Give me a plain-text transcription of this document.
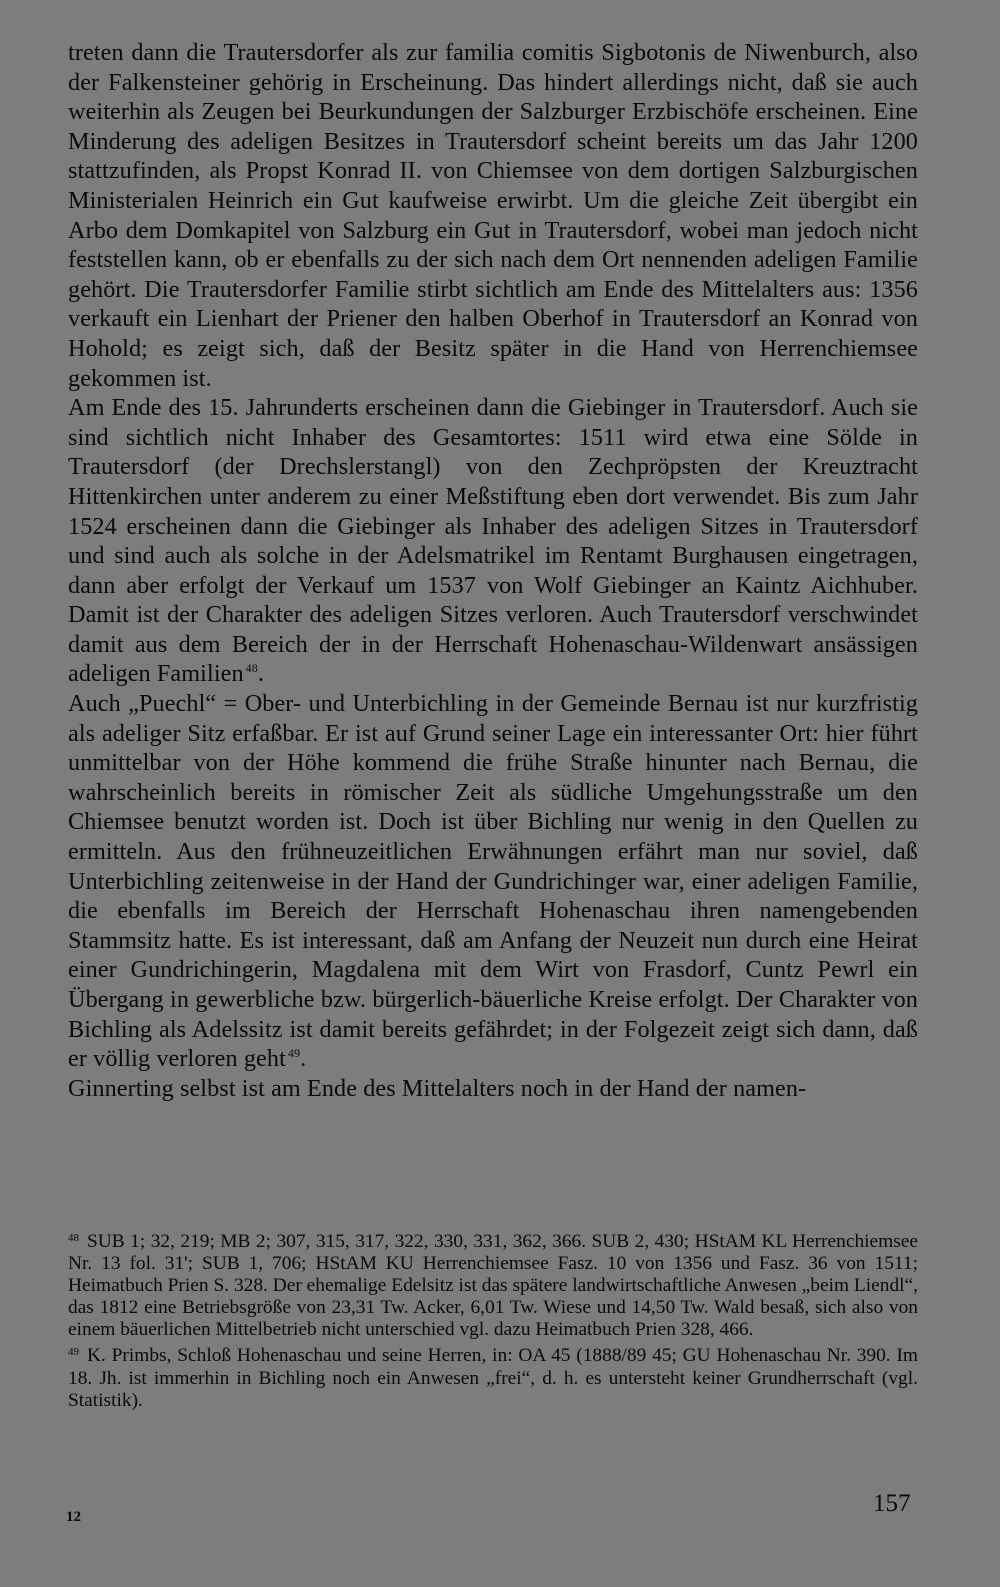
treten dann die Trautersdorfer als zur familia comitis Sigbotonis de Niwenburch, also der Falkensteiner gehörig in Erscheinung. Das hindert allerdings nicht, daß sie auch weiterhin als Zeugen bei Beurkundungen der Salzburger Erzbischöfe erscheinen. Eine Minderung des adeligen Besitzes in Trautersdorf scheint bereits um das Jahr 1200 stattzufinden, als Propst Konrad II. von Chiemsee von dem dortigen Salzburgischen Ministerialen Heinrich ein Gut kaufweise erwirbt. Um die gleiche Zeit übergibt ein Arbo dem Domkapitel von Salzburg ein Gut in Trautersdorf, wobei man jedoch nicht feststellen kann, ob er ebenfalls zu der sich nach dem Ort nennenden adeligen Familie gehört. Die Trautersdorfer Familie stirbt sichtlich am Ende des Mittelalters aus: 1356 verkauft ein Lienhart der Priener den halben Oberhof in Trautersdorf an Konrad von Hohold; es zeigt sich, daß der Besitz später in die Hand von Herrenchiemsee gekommen ist.

Am Ende des 15. Jahrunderts erscheinen dann die Giebinger in Trautersdorf. Auch sie sind sichtlich nicht Inhaber des Gesamtortes: 1511 wird etwa eine Sölde in Trautersdorf (der Drechslerstangl) von den Zechpröpsten der Kreuztracht Hittenkirchen unter anderem zu einer Meßstiftung eben dort verwendet. Bis zum Jahr 1524 erscheinen dann die Giebinger als Inhaber des adeligen Sitzes in Trautersdorf und sind auch als solche in der Adelsmatrikel im Rentamt Burghausen eingetragen, dann aber erfolgt der Verkauf um 1537 von Wolf Giebinger an Kaintz Aichhuber. Damit ist der Charakter des adeligen Sitzes verloren. Auch Trautersdorf verschwindet damit aus dem Bereich der in der Herrschaft Hohenaschau-Wildenwart ansässigen adeligen Familien $^{48}$.

Auch „Puechl“ = Ober- und Unterbichling in der Gemeinde Bernau ist nur kurzfristig als adeliger Sitz erfaßbar. Er ist auf Grund seiner Lage ein interessanter Ort: hier führt unmittelbar von der Höhe kommend die frühe Straße hinunter nach Bernau, die wahrscheinlich bereits in römischer Zeit als südliche Umgehungsstraße um den Chiemsee benutzt worden ist. Doch ist über Bichling nur wenig in den Quellen zu ermitteln. Aus den frühneuzeitlichen Erwähnungen erfährt man nur soviel, daß Unterbichling zeitenweise in der Hand der Gundrichinger war, einer adeligen Familie, die ebenfalls im Bereich der Herrschaft Hohenaschau ihren namengebenden Stammsitz hatte. Es ist interessant, daß am Anfang der Neuzeit nun durch eine Heirat einer Gundrichingerin, Magdalena mit dem Wirt von Frasdorf, Cuntz Pewrl ein Übergang in gewerbliche bzw. bürgerlich-bäuerliche Kreise erfolgt. Der Charakter von Bichling als Adelssitz ist damit bereits gefährdet; in der Folgezeit zeigt sich dann, daß er völlig verloren geht $^{49}$.

Ginnerting selbst ist am Ende des Mittelalters noch in der Hand der namen-

$^{48}$ SUB 1; 32, 219; MB 2; 307, 315, 317, 322, 330, 331, 362, 366. SUB 2, 430; HStAM KL Herrenchiemsee Nr. 13 fol. 31'; SUB 1, 706; HStAM KU Herrenchiemsee Fasz. 10 von 1356 und Fasz. 36 von 1511; Heimatbuch Prien S. 328. Der ehemalige Edelsitz ist das spätere landwirtschaftliche Anwesen „beim Liendl“, das 1812 eine Betriebsgröße von 23,31 Tw. Acker, 6,01 Tw. Wiese und 14,50 Tw. Wald besaß, sich also von einem bäuerlichen Mittelbetrieb nicht unterschied vgl. dazu Heimatbuch Prien 328, 466.

$^{49}$ K. Primbs, Schloß Hohenaschau und seine Herren, in: OA 45 (1888/89 45; GU Hohenaschau Nr. 390. Im 18. Jh. ist immerhin in Bichling noch ein Anwesen „frei“, d. h. es untersteht keiner Grundherrschaft (vgl. Statistik).

157
12
